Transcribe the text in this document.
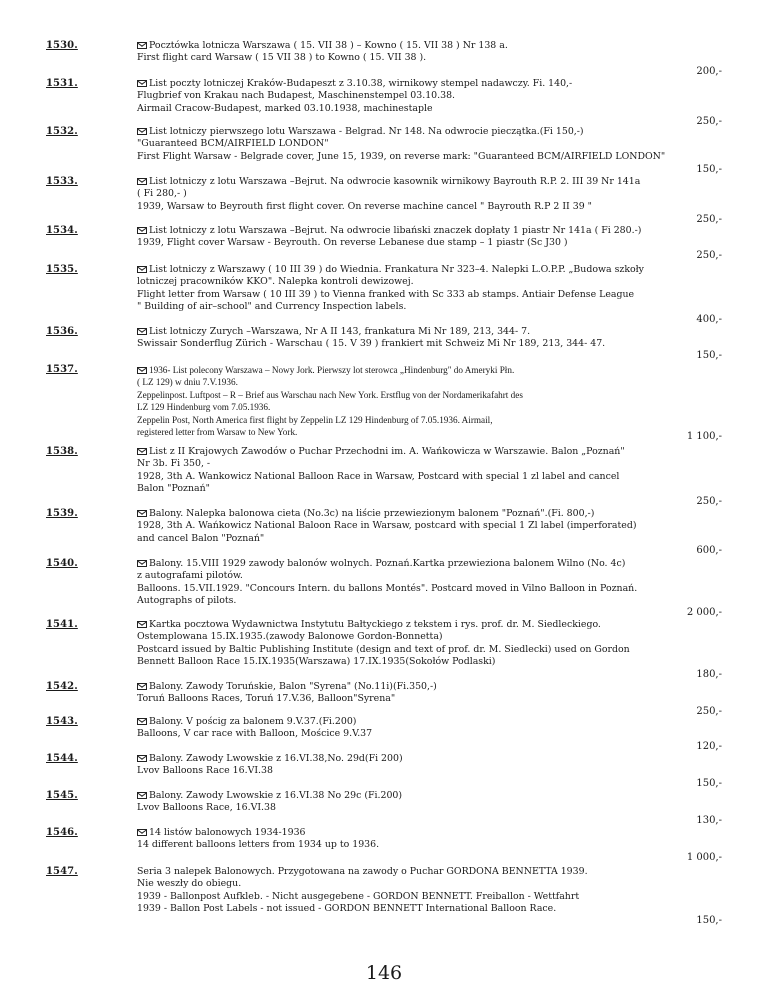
1530.	Pocztówka lotnicza Warszawa ( 15. VII 38 ) – Kowno ( 15. VII 38 ) Nr 138 a.
First flight card Warsaw ( 15 VII 38 ) to Kowno ( 15. VII 38 ).
200,-
1531.	List poczty lotniczej Kraków-Budapeszt z 3.10.38, wirnikowy stempel nadawczy. Fi. 140,-
Flugbrief von Krakau nach Budapest, Maschinenstempel 03.10.38.
Airmail Cracow-Budapest, marked 03.10.1938, machinestaple
250,-
1532.	List lotniczy pierwszego lotu Warszawa - Belgrad. Nr 148. Na odwrocie pieczątka.(Fi 150,-)
"Guaranteed BCM/AIRFIELD LONDON"
First Flight Warsaw - Belgrade cover, June 15, 1939, on reverse mark: "Guaranteed BCM/AIRFIELD LONDON"
150,-
1533.	List lotniczy z lotu Warszawa –Bejrut. Na odwrocie kasownik wirnikowy Bayrouth R.P. 2. III 39 Nr 141a
( Fi 280,- )
1939, Warsaw to Beyrouth first flight cover. On reverse machine cancel " Bayrouth R.P 2 II 39 "
250,-
1534.	List lotniczy z lotu Warszawa –Bejrut. Na odwrocie libański znaczek dopłaty 1 piastr Nr 141a ( Fi 280.-)
1939, Flight cover Warsaw - Beyrouth. On reverse Lebanese due stamp – 1 piastr (Sc J30 )
250,-
1535.	List lotniczy z Warszawy ( 10 III 39 ) do Wiednia. Frankatura Nr 323–4. Nalepki L.O.P.P. „Budowa szkoły
lotniczej pracowników KKO". Nalepka kontroli dewizowej.
Flight letter from Warsaw ( 10 III 39 ) to Vienna franked with Sc 333 ab stamps. Antiair Defense League
" Building of air–school" and Currency Inspection labels.
400,-
1536.	List lotniczy Zurych –Warszawa, Nr A II 143, frankatura Mi Nr 189, 213, 344- 7.
Swissair Sonderflug Zürich - Warschau ( 15. V 39 ) frankiert mit Schweiz Mi Nr 189, 213, 344- 47.
150,-
1537.	1936- List polecony Warszawa – Nowy Jork. Pierwszy lot sterowca „Hindenburg" do Ameryki Płn.
( LZ 129) w dniu 7.V.1936.
Zeppelinpost. Luftpost – R – Brief aus Warschau nach New York. Erstflug von der Nordamerikafahrt des
LZ 129 Hindenburg vom 7.05.1936.
Zeppelin Post, North America first flight by Zeppelin LZ 129 Hindenburg of 7.05.1936. Airmail,
registered letter from Warsaw to New York.	1 100,-
1538.	List z II Krajowych Zawodów o Puchar Przechodni im. A. Wańkowicza w Warszawie. Balon „Poznań"
Nr 3b. Fi 350, -
1928, 3th A. Wankowicz National Balloon Race in Warsaw, Postcard with special 1 zl label and cancel
Balon "Poznań"
250,-
1539.	Balony. Nalepka balonowa cieta (No.3c) na liście przewiezionym balonem "Poznań".(Fi. 800,-)
1928, 3th A. Wańkowicz National Baloon Race in Warsaw, postcard with special 1 Zl label (imperforated)
and cancel Balon "Poznań"
600,-
1540.	Balony. 15.VIII 1929 zawody balonów wolnych. Poznań.Kartka przewieziona balonem Wilno (No. 4c)
z autografami pilotów.
Balloons. 15.VII.1929. "Concours Intern. du ballons Montés". Postcard moved in Vilno Balloon in Poznań.
Autographs of pilots.
2 000,-
1541.	Kartka pocztowa Wydawnictwa Instytutu Bałtyckiego z tekstem i rys. prof. dr. M. Siedleckiego.
Ostemplowana 15.IX.1935.(zawody Balonowe Gordon-Bonnetta)
Postcard issued by Baltic Publishing Institute (design and text of prof. dr. M. Siedlecki) used on Gordon
Bennett Balloon Race 15.IX.1935(Warszawa) 17.IX.1935(Sokołów Podlaski)
180,-
1542.	Balony. Zawody Toruńskie, Balon "Syrena" (No.11i)(Fi.350,-)
Toruń Balloons Races, Toruń 17.V.36, Balloon"Syrena"
250,-
1543.	Balony. V pościg za balonem 9.V.37.(Fi.200)
Balloons, V car race with Balloon, Mościce 9.V.37
120,-
1544.	Balony. Zawody Lwowskie z 16.VI.38,No. 29d(Fi 200)
Lvov Balloons Race 16.VI.38
150,-
1545.	Balony. Zawody Lwowskie z 16.VI.38 No 29c (Fi.200)
Lvov Balloons Race, 16.VI.38
130,-
1546.	14 listów balonowych 1934-1936
14 different balloons letters from 1934 up to 1936.
1 000,-
1547.	Seria 3 nalepek Balonowych. Przygotowana na zawody o Puchar GORDONA BENNETTA 1939.
Nie weszły do obiegu.
1939 - Ballonpost Aufkleb. - Nicht ausgegebene - GORDON BENNETT. Freiballon - Wettfahrt
1939 - Ballon Post Labels - not issued - GORDON BENNETT International Balloon Race.
150,-
146
